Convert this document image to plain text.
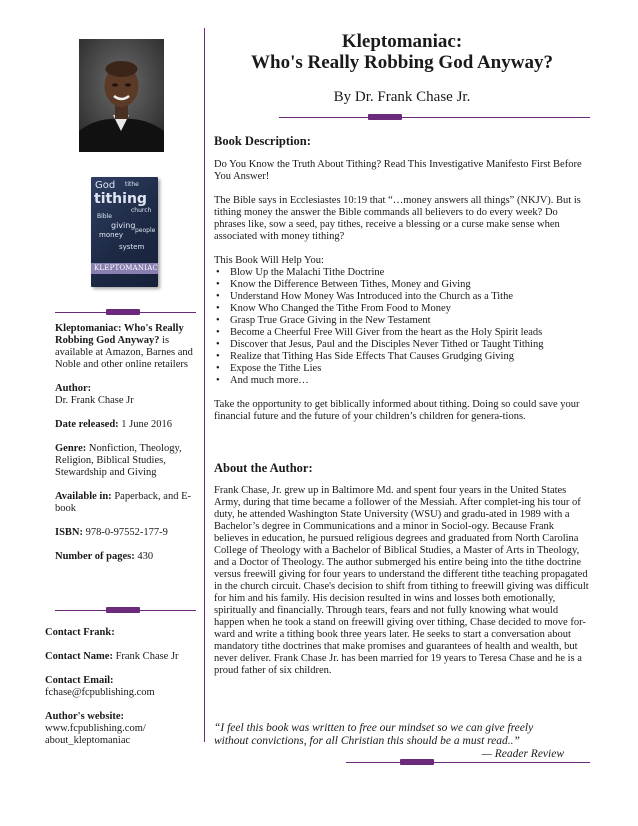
tithing
God tithe
church
people
Bible
money
giving
system
KLEPTOMANIAC
Kleptomaniac:
Who's Really Robbing God Anyway?
By Dr. Frank Chase Jr.

Kleptomaniac: Who's Really Robbing God Anyway? is available at Amazon, Barnes and Noble and other online retailers

Author:
Dr. Frank Chase Jr

Date released: 1 June 2016

Genre: Nonfiction, Theology, Religion, Biblical Studies, Stewardship and Giving

Available in: Paperback, and E-book

ISBN: 978-0-97552-177-9

Number of pages: 430

Contact Frank:

Contact Name: Frank Chase Jr

Contact Email:
fchase@fcpublishing.com

Author's website:
www.fcpublishing.com/
about_kleptomaniac

Book Description:

Do You Know the Truth About Tithing? Read This Investigative Manifesto First Before You Answer!

The Bible says in Ecclesiastes 10:19 that “…money answers all things” (NKJV). But is tithing money the answer the Bible commands all believers to do every week? Do phrases like, sow a seed, pay tithes, receive a blessing or a curse make sense when associated with money tithing?

This Book Will Help You:

• Blow Up the Malachi Tithe Doctrine
• Know the Difference Between Tithes, Money and Giving
• Understand How Money Was Introduced into the Church as a Tithe
• Know Who Changed the Tithe From Food to Money
• Grasp True Grace Giving in the New Testament
• Become a Cheerful Free Will Giver from the heart as the Holy Spirit leads
• Discover that Jesus, Paul and the Disciples Never Tithed or Taught Tithing
• Realize that Tithing Has Side Effects That Causes Grudging Giving
• Expose the Tithe Lies
• And much more…

Take the opportunity to get biblically informed about tithing. Doing so could save your financial future and the future of your children’s children for genera-tions.

About the Author:

Frank Chase, Jr. grew up in Baltimore Md. and spent four years in the United States Army, during that time became a follower of the Messiah. After complet-ing his tour of duty, he attended Washington State University (WSU) and gradu-ated in 1989 with a Bachelor’s degree in Communications and a minor in Sociol-ogy. Because Frank believes in education, he pursued religious degrees and graduated from North Carolina College of Theology with a Bachelor of Biblical Studies, a Master of Arts in Theology, and a Doctor of Theology. The author submerged his entire being into the tithe doctrine versus freewill giving for four years to understand the different tithe teaching propagated in the church circuit. Chase's decision to shift from tithing to freewill giving was difficult for him and his family. His decision resulted in wins and losses both emotionally, spiritually and financially. Through tears, fears and not fully knowing what would happen when he took a stand on freewill giving over tithing, Chase decided to move for-ward and write a tithing book three years later. He seeks to start a conversation about mandatory tithe doctrines that make promises and guarantees of health and wealth, but never deliver. Frank Chase Jr. has been married for 19 years to Teresa Chase and he is a proud father of six children.

“I feel this book was written to free our mindset so we can give freely
without convictions, for all Christian this should be a must read..”
— Reader Review
